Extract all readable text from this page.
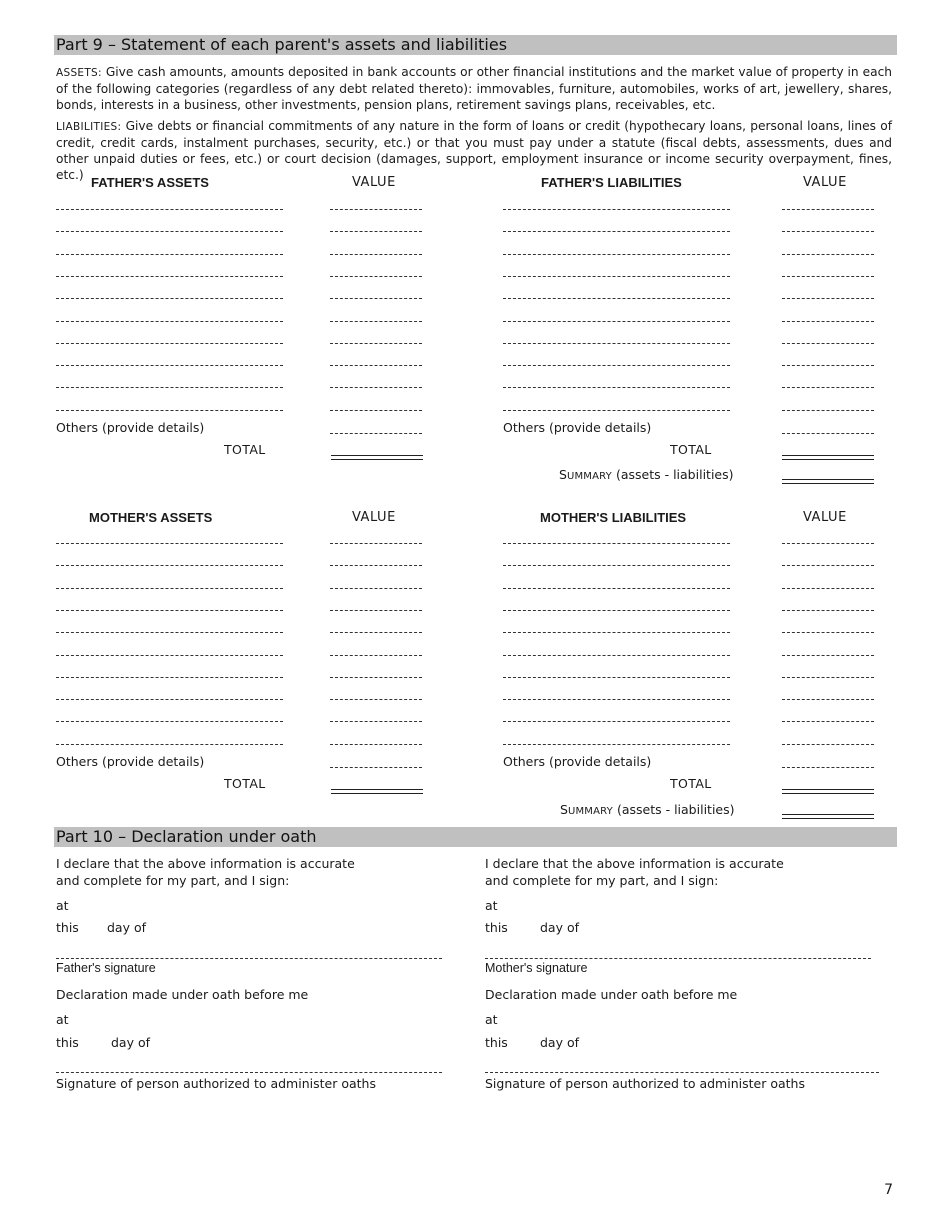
Part 9 – Statement of each parent's assets and liabilities
ASSETS: Give cash amounts, amounts deposited in bank accounts or other financial institutions and the market value of property in each of the following categories (regardless of any debt related thereto): immovables, furniture, automobiles, works of art, jewellery, shares, bonds, interests in a business, other investments, pension plans, retirement savings plans, receivables, etc.
LIABILITIES: Give debts or financial commitments of any nature in the form of loans or credit (hypothecary loans, personal loans, lines of credit, credit cards, instalment purchases, security, etc.) or that you must pay under a statute (fiscal debts, assessments, dues and other unpaid duties or fees, etc.) or court decision (damages, support, employment insurance or income security overpayment, fines, etc.) FATHER'S ASSETS	VALUE	FATHER'S LIABILITIES	VALUE
Others (provide details)	Others (provide details)
TOTAL	TOTAL
SUMMARY (assets - liabilities)
MOTHER'S ASSETS	VALUE	MOTHER'S LIABILITIES	VALUE
Others (provide details)	Others (provide details)
TOTAL	TOTAL
SUMMARY (assets - liabilities)
Part 10 – Declaration under oath
I declare that the above information is accurate
and complete for my part, and I sign:
at
this day of
Father's signature
Declaration made under oath before me
at
this	day of
Signature of person authorized to administer oaths
I declare that the above information is accurate
and complete for my part, and I sign:
at
this	day of
Mother's signature
Declaration made under oath before me
at
this	day of
Signature of person authorized to administer oaths
7
